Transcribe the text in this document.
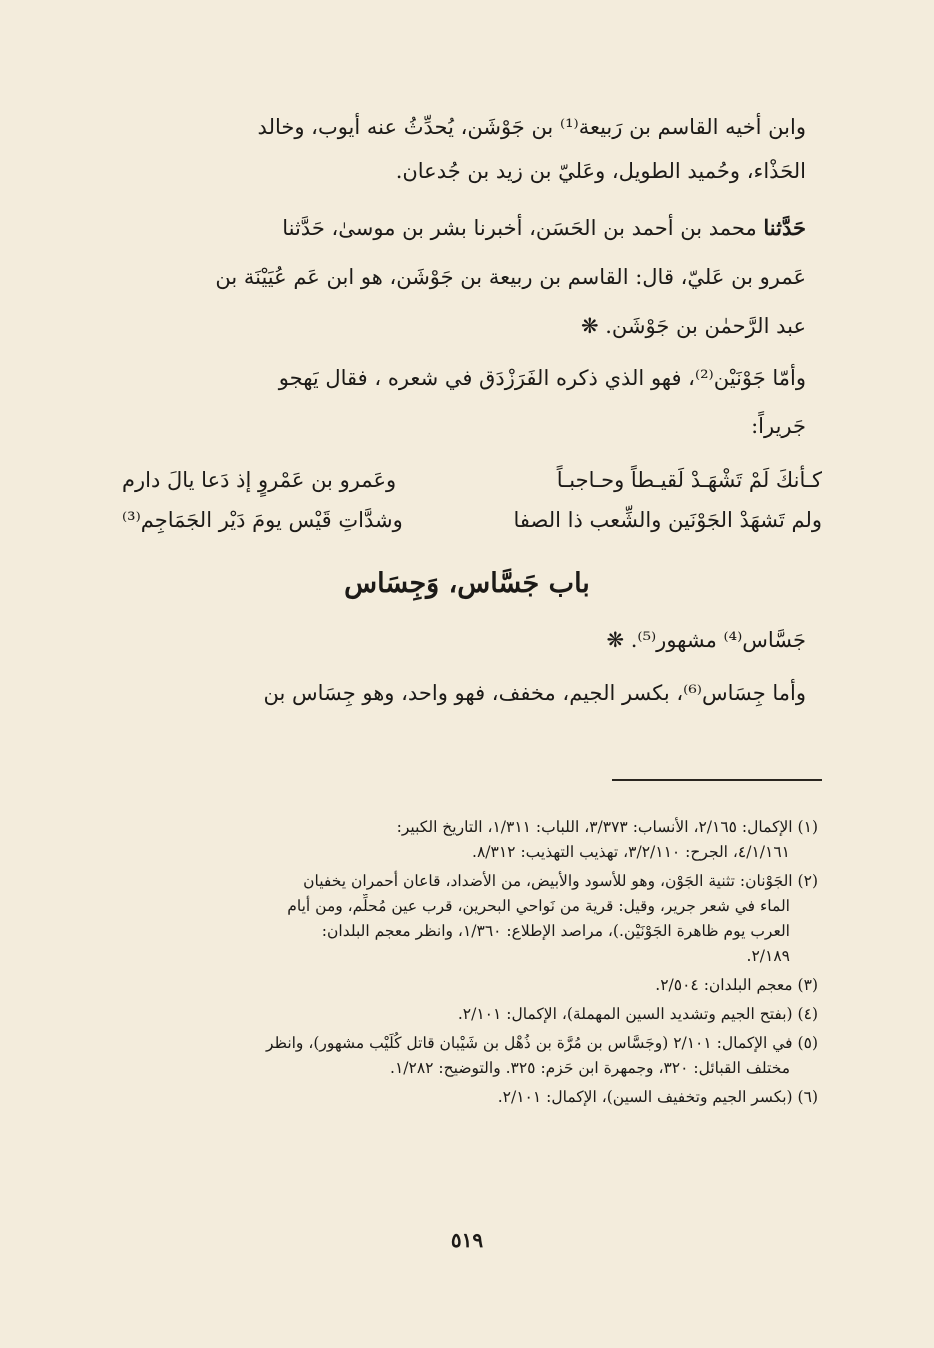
وابن أخيه القاسم بن رَبيعة⁽¹⁾ بن جَوْشَن، يُحدِّثُ عنه أيوب، وخالد
الحَذْاء، وحُميد الطويل، وعَليّ بن زيد بن جُدعان.
حَدَّثنا محمد بن أحمد بن الحَسَن، أخبرنا بشر بن موسىٰ، حَدَّثنا
عَمرو بن عَليّ، قال: القاسم بن ربيعة بن جَوْشَن، هو ابن عَم عُيَيْنَة بن
عبد الرَّحمٰن بن جَوْشَن. ❋
وأمّا جَوْنَيْن⁽²⁾، فهو الذي ذكره الفَرَزْدَق في شعره ، فقال يَهجو
جَريراً:
كـأنكَ لَمْ تَشْهَـدْ لَقيـطاً وحـاجبـاً
وعَمرو بن عَمْروٍ إذ دَعا يالَ دارم
ولم تَشهَدْ الجَوْنَين والشِّعب ذا الصفا
وشدَّاتِ قَيْس يومَ دَيْر الجَمَاجِم⁽³⁾
باب جَسَّاس، وَجِسَاس
جَسَّاس⁽⁴⁾ مشهور⁽⁵⁾. ❋
وأما جِسَاس⁽⁶⁾، بكسر الجيم، مخفف، فهو واحد، وهو جِسَاس بن
(١) الإكمال: ٢/١٦٥، الأنساب: ٣/٣٧٣، اللباب: ١/٣١١، التاريخ الكبير:
٤/١/١٦١، الجرح: ٣/٢/١١٠، تهذيب التهذيب: ٨/٣١٢.
(٢) الجَوْنان: تثنية الجَوْن، وهو للأسود والأبيض، من الأضداد، قاعان أحمران يخفيان
الماء في شعر جرير، وقيل: قرية من نَواحي البحرين، قرب عين مُحلِّم، ومن أيام
العرب يوم ظاهرة الجَوْنَيْن.)، مراصد الإطلاع: ١/٣٦٠، وانظر معجم البلدان:
٢/١٨٩.
(٣) معجم البلدان: ٢/٥٠٤.
(٤) (بفتح الجيم وتشديد السين المهملة)، الإكمال: ٢/١٠١.
(٥) في الإكمال: ٢/١٠١ (وجَسَّاس بن مُرَّة بن ذُهْل بن شَيْبان قاتل كُلَيْب مشهور)، وانظر
مختلف القبائل: ٣٢٠، وجمهرة ابن حَزم: ٣٢٥. والتوضيح: ١/٢٨٢.
(٦) (بكسر الجيم وتخفيف السين)، الإكمال: ٢/١٠١.
٥١٩
